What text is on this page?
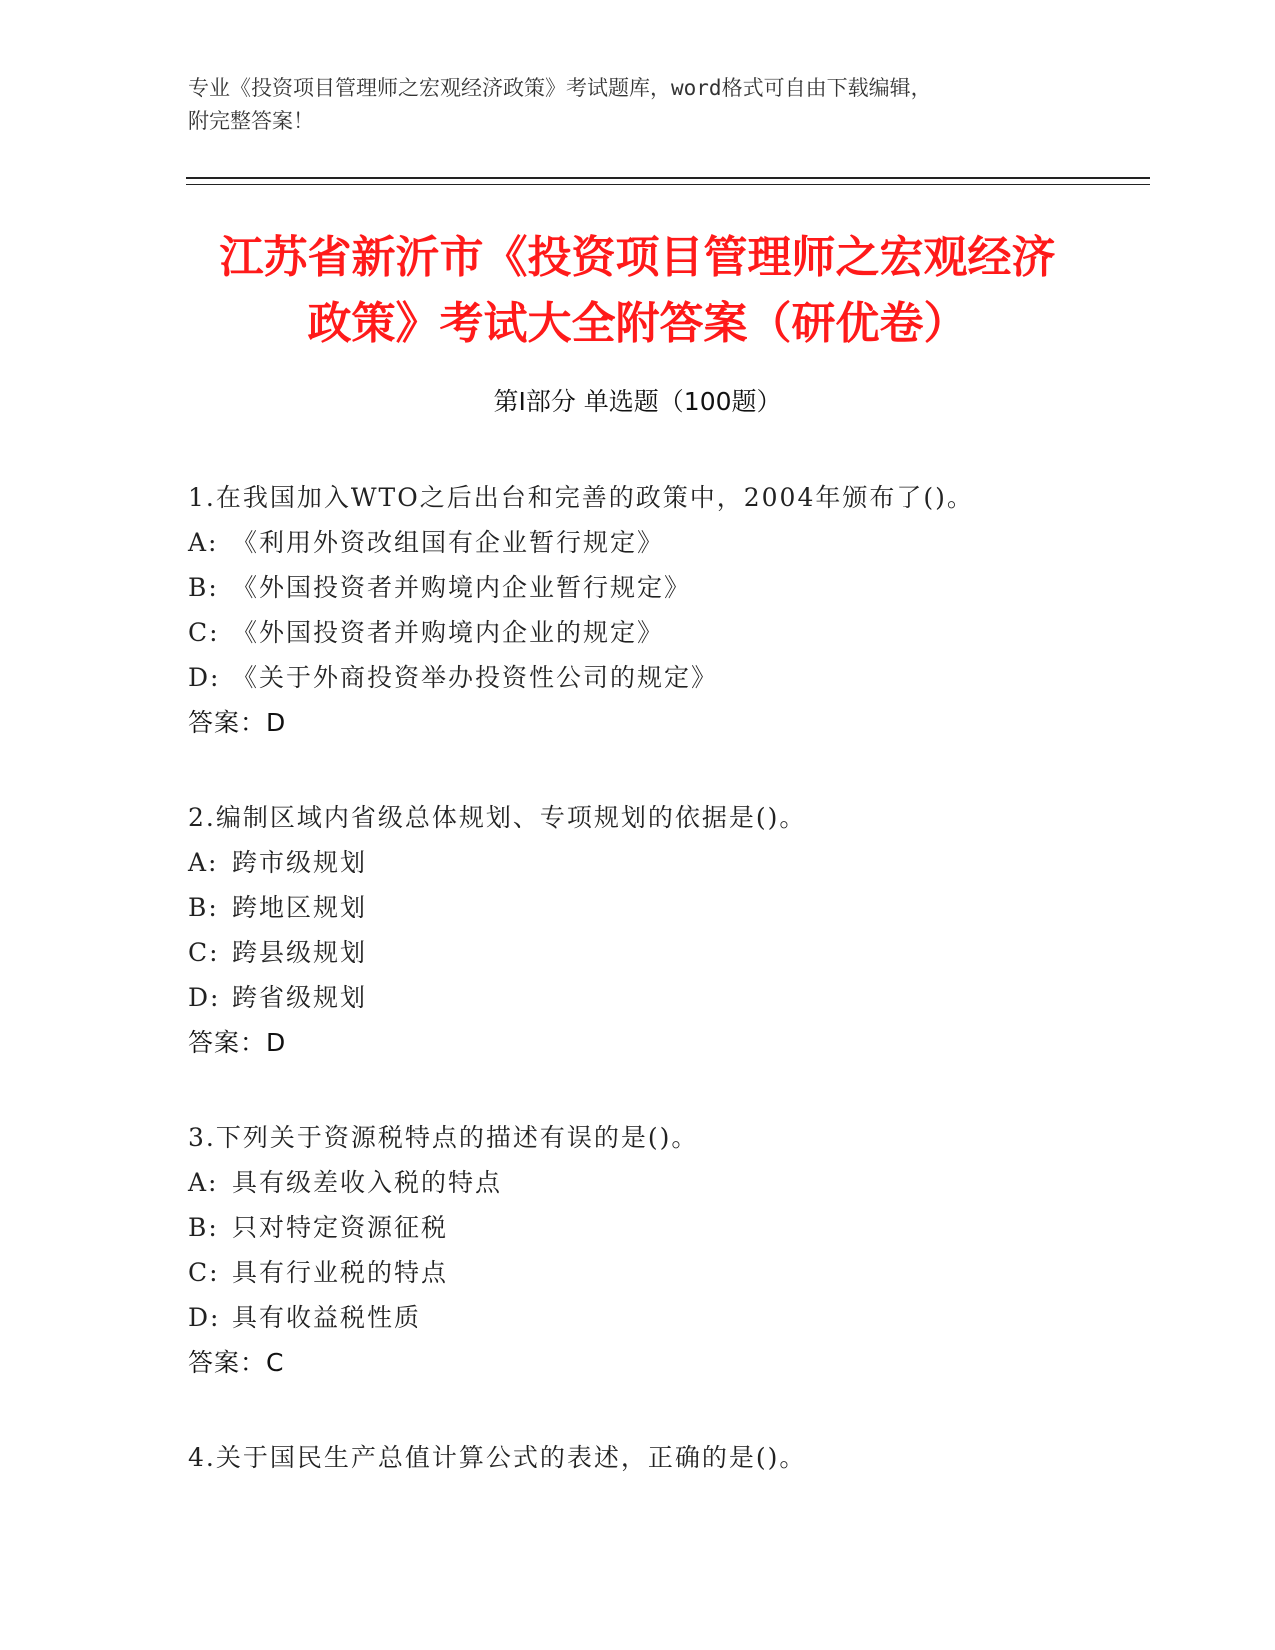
专业《投资项目管理师之宏观经济政策》考试题库，word格式可自由下载编辑，
附完整答案！
江苏省新沂市《投资项目管理师之宏观经济
政策》考试大全附答案（研优卷）
第Ⅰ部分 单选题（100题）
1.在我国加入WTO之后出台和完善的政策中，2004年颁布了()。
A: 《利用外资改组国有企业暂行规定》
B: 《外国投资者并购境内企业暂行规定》
C: 《外国投资者并购境内企业的规定》
D: 《关于外商投资举办投资性公司的规定》
答案：D
2.编制区域内省级总体规划、专项规划的依据是()。
A: 跨市级规划
B: 跨地区规划
C: 跨县级规划
D: 跨省级规划
答案：D
3.下列关于资源税特点的描述有误的是()。
A: 具有级差收入税的特点
B: 只对特定资源征税
C: 具有行业税的特点
D: 具有收益税性质
答案：C
4.关于国民生产总值计算公式的表述，正确的是()。
